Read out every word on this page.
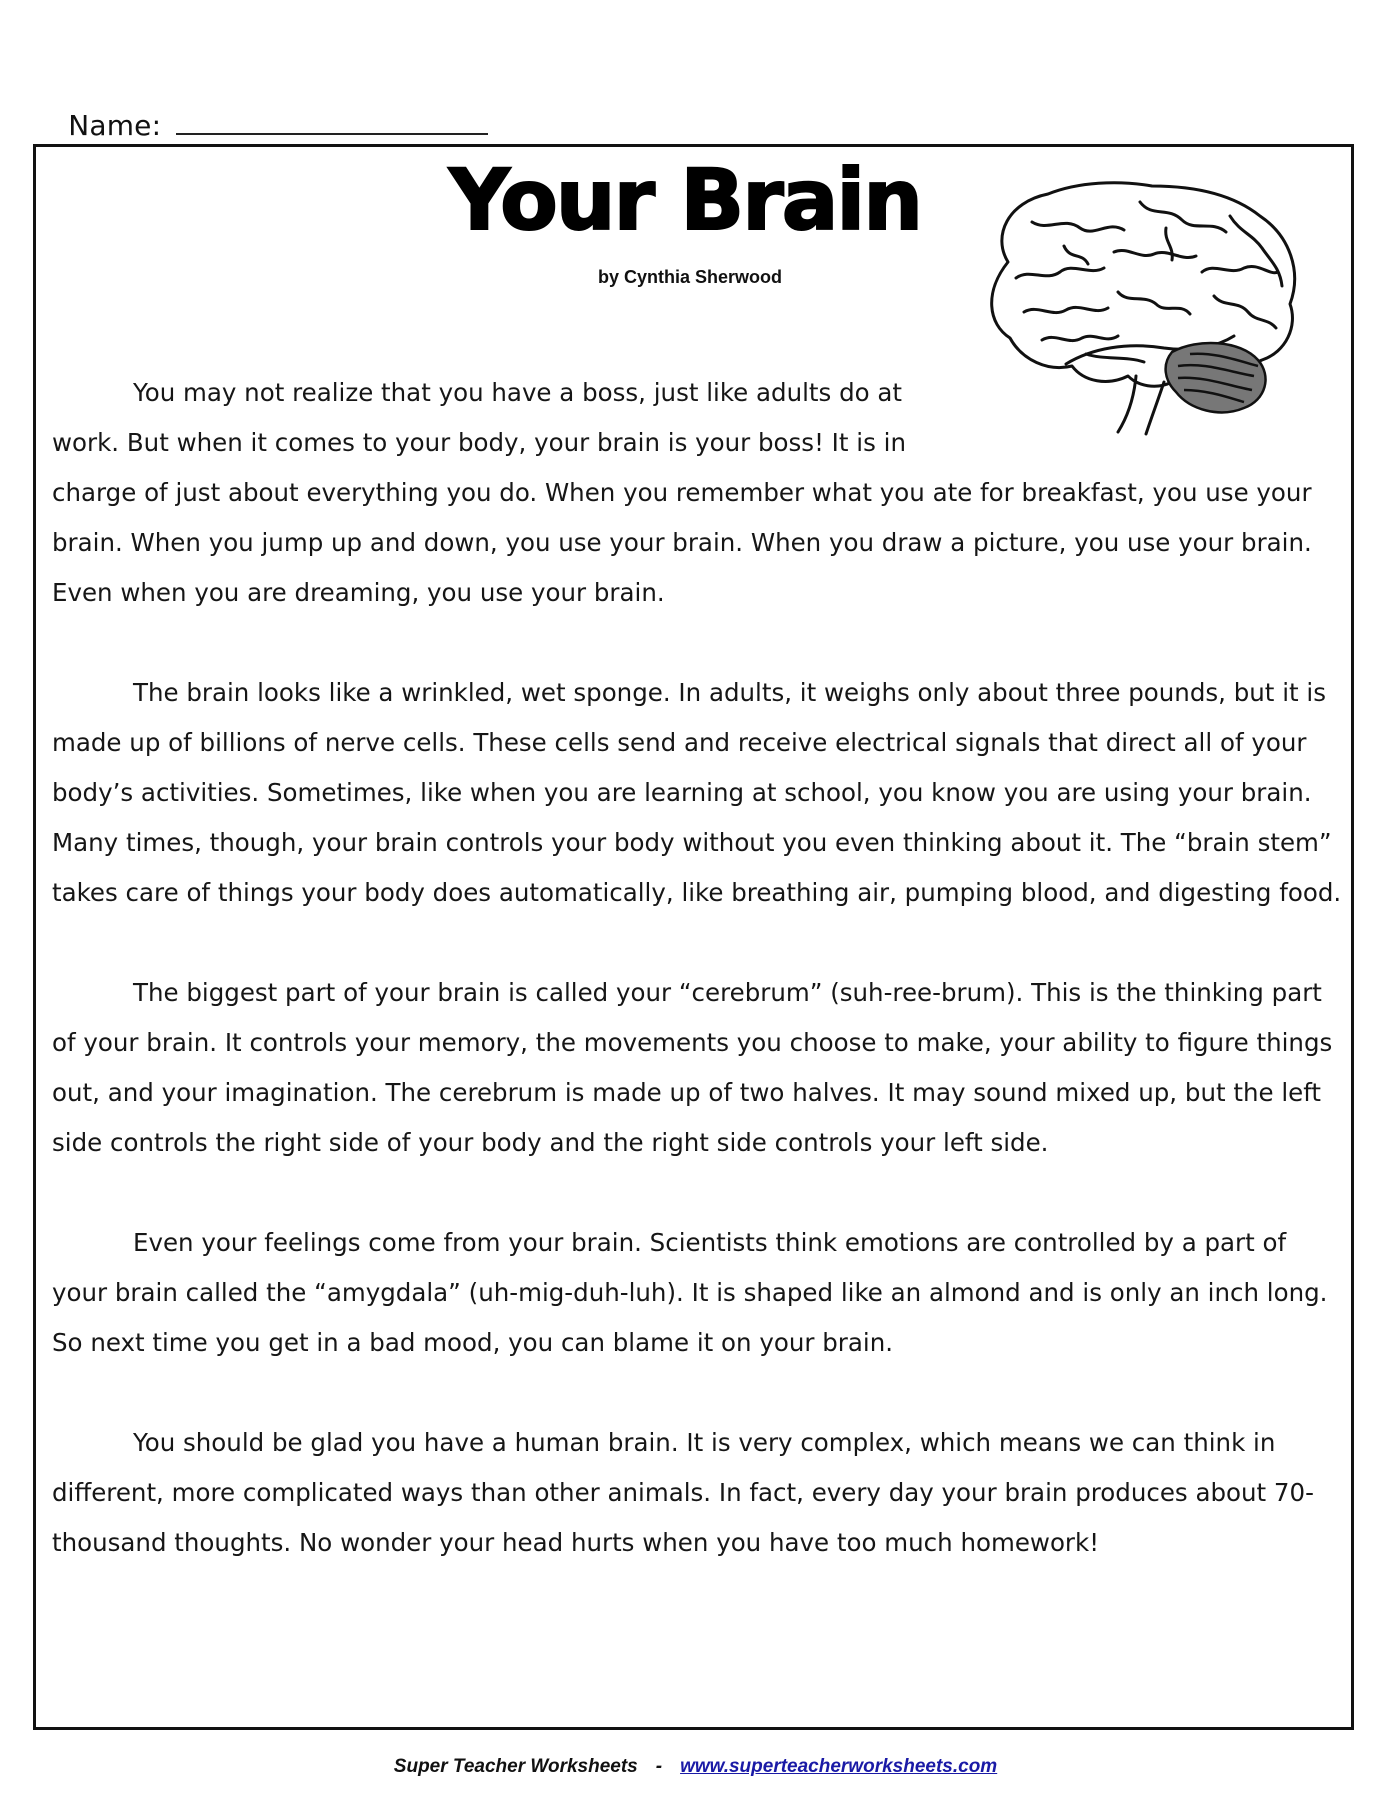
Name:

Your Brain
by Cynthia Sherwood

You may not realize that you have a boss, just like adults do at work. But when it comes to your body, your brain is your boss! It is in charge of just about everything you do. When you remember what you ate for breakfast, you use your brain. When you jump up and down, you use your brain. When you draw a picture, you use your brain. Even when you are dreaming, you use your brain.

The brain looks like a wrinkled, wet sponge. In adults, it weighs only about three pounds, but it is made up of billions of nerve cells. These cells send and receive electrical signals that direct all of your body’s activities. Sometimes, like when you are learning at school, you know you are using your brain. Many times, though, your brain controls your body without you even thinking about it. The “brain stem” takes care of things your body does automatically, like breathing air, pumping blood, and digesting food.

The biggest part of your brain is called your “cerebrum” (suh-ree-brum). This is the thinking part of your brain. It controls your memory, the movements you choose to make, your ability to figure things out, and your imagination. The cerebrum is made up of two halves. It may sound mixed up, but the left side controls the right side of your body and the right side controls your left side.

Even your feelings come from your brain. Scientists think emotions are controlled by a part of your brain called the “amygdala” (uh-mig-duh-luh). It is shaped like an almond and is only an inch long. So next time you get in a bad mood, you can blame it on your brain.

You should be glad you have a human brain. It is very complex, which means we can think in different, more complicated ways than other animals. In fact, every day your brain produces about 70-thousand thoughts. No wonder your head hurts when you have too much homework!

Super Teacher Worksheets - www.superteacherworksheets.com
